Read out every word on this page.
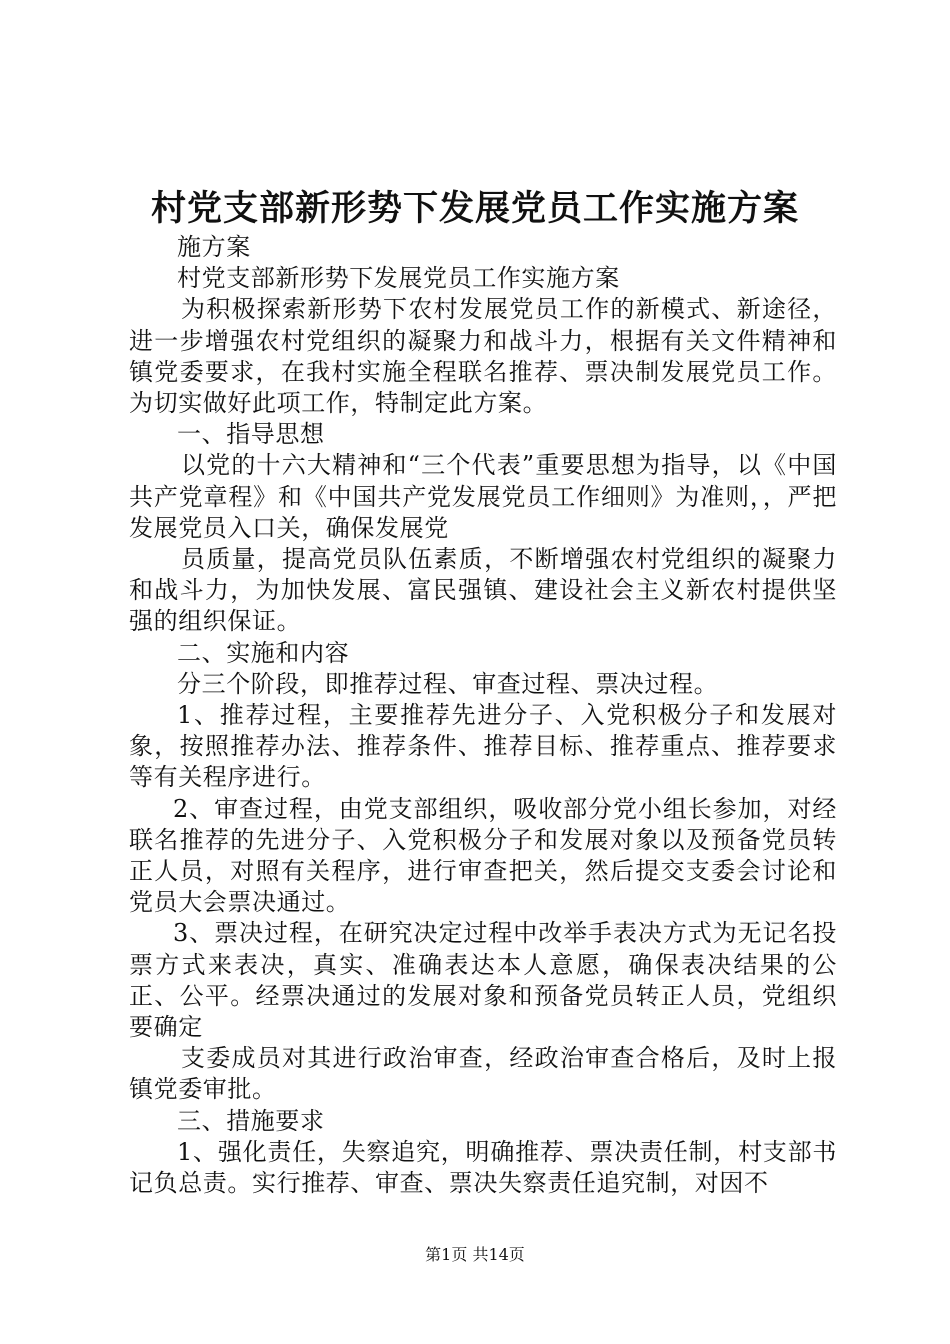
村党支部新形势下发展党员工作实施方案

施方案

村党支部新形势下发展党员工作实施方案

为积极探索新形势下农村发展党员工作的新模式、新途径，进一步增强农村党组织的凝聚力和战斗力，根据有关文件精神和镇党委要求，在我村实施全程联名推荐、票决制发展党员工作。为切实做好此项工作，特制定此方案。

一、指导思想

以党的十六大精神和“三个代表”重要思想为指导，以《中国共产党章程》和《中国共产党发展党员工作细则》为准则，，严把发展党员入口关，确保发展党

员质量，提高党员队伍素质，不断增强农村党组织的凝聚力和战斗力，为加快发展、富民强镇、建设社会主义新农村提供坚强的组织保证。

二、实施和内容

分三个阶段，即推荐过程、审查过程、票决过程。

1、推荐过程，主要推荐先进分子、入党积极分子和发展对象，按照推荐办法、推荐条件、推荐目标、推荐重点、推荐要求等有关程序进行。

2、审查过程，由党支部组织，吸收部分党小组长参加，对经联名推荐的先进分子、入党积极分子和发展对象以及预备党员转正人员，对照有关程序，进行审查把关，然后提交支委会讨论和党员大会票决通过。

3、票决过程，在研究决定过程中改举手表决方式为无记名投票方式来表决，真实、准确表达本人意愿，确保表决结果的公正、公平。经票决通过的发展对象和预备党员转正人员，党组织要确定

支委成员对其进行政治审查，经政治审查合格后，及时上报镇党委审批。

三、措施要求

1、强化责任，失察追究，明确推荐、票决责任制，村支部书记负总责。实行推荐、审查、票决失察责任追究制，对因不

第1页 共14页
